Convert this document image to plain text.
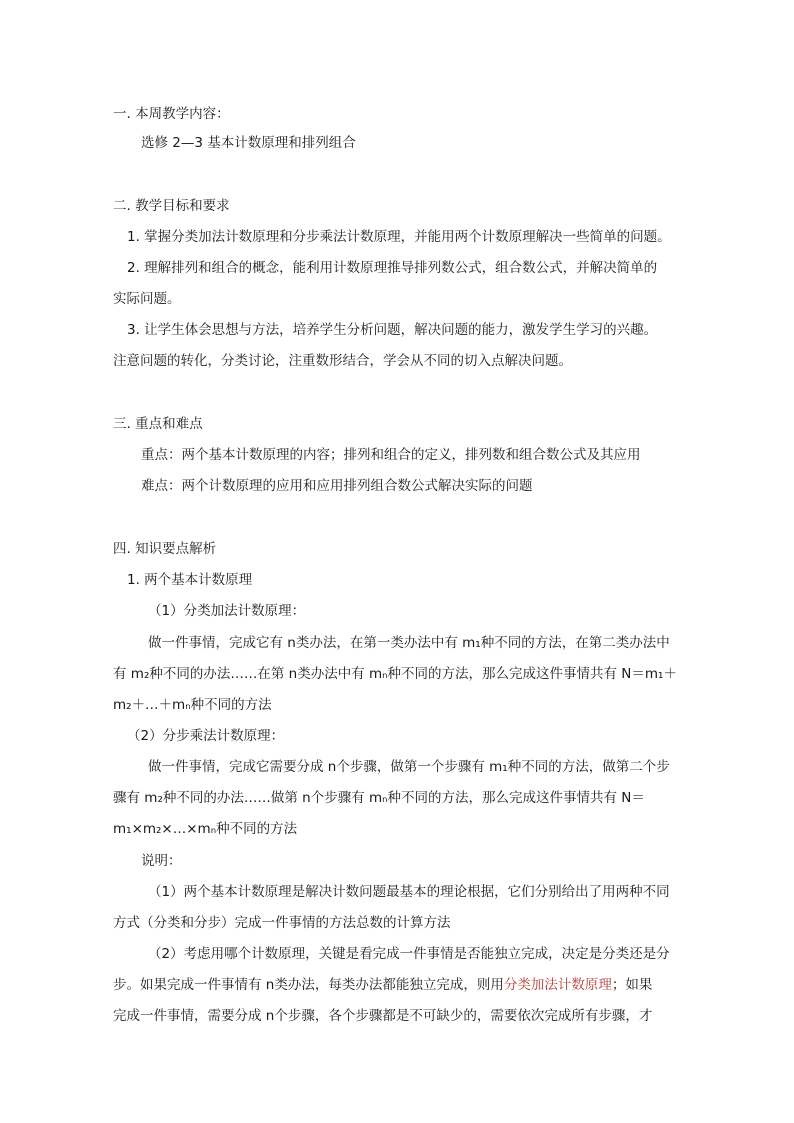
一. 本周教学内容：
选修 2—3 基本计数原理和排列组合
二. 教学目标和要求
1. 掌握分类加法计数原理和分步乘法计数原理，并能用两个计数原理解决一些简单的问题。
2. 理解排列和组合的概念，能利用计数原理推导排列数公式，组合数公式，并解决简单的
实际问题。
3. 让学生体会思想与方法，培养学生分析问题，解决问题的能力，激发学生学习的兴趣。
注意问题的转化，分类讨论，注重数形结合，学会从不同的切入点解决问题。
三. 重点和难点
重点：两个基本计数原理的内容；排列和组合的定义，排列数和组合数公式及其应用
难点：两个计数原理的应用和应用排列组合数公式解决实际的问题
四. 知识要点解析
1. 两个基本计数原理
（1）分类加法计数原理：
做一件事情，完成它有 n类办法，在第一类办法中有 m₁种不同的方法，在第二类办法中
有 m₂种不同的办法……在第 n类办法中有 mₙ种不同的方法，那么完成这件事情共有 N＝m₁＋
m₂＋…＋mₙ种不同的方法
（2）分步乘法计数原理：
做一件事情，完成它需要分成 n个步骤，做第一个步骤有 m₁种不同的方法，做第二个步
骤有 m₂种不同的办法……做第 n个步骤有 mₙ种不同的方法，那么完成这件事情共有 N＝
m₁×m₂×…×mₙ种不同的方法
说明：
（1）两个基本计数原理是解决计数问题最基本的理论根据，它们分别给出了用两种不同
方式（分类和分步）完成一件事情的方法总数的计算方法
（2）考虑用哪个计数原理，关键是看完成一件事情是否能独立完成，决定是分类还是分
步。如果完成一件事情有 n类办法，每类办法都能独立完成，则用分类加法计数原理；如果
完成一件事情，需要分成 n个步骤，各个步骤都是不可缺少的，需要依次完成所有步骤，才
